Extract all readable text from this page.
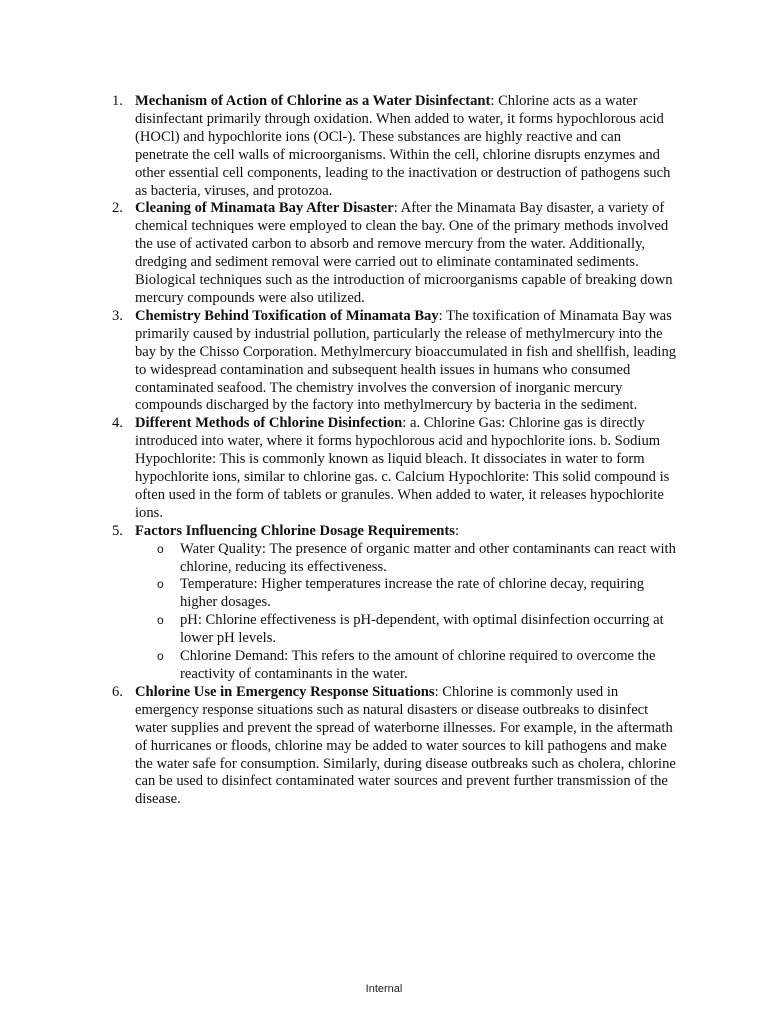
1. Mechanism of Action of Chlorine as a Water Disinfectant: Chlorine acts as a water disinfectant primarily through oxidation. When added to water, it forms hypochlorous acid (HOCl) and hypochlorite ions (OCl-). These substances are highly reactive and can penetrate the cell walls of microorganisms. Within the cell, chlorine disrupts enzymes and other essential cell components, leading to the inactivation or destruction of pathogens such as bacteria, viruses, and protozoa.
2. Cleaning of Minamata Bay After Disaster: After the Minamata Bay disaster, a variety of chemical techniques were employed to clean the bay. One of the primary methods involved the use of activated carbon to absorb and remove mercury from the water. Additionally, dredging and sediment removal were carried out to eliminate contaminated sediments. Biological techniques such as the introduction of microorganisms capable of breaking down mercury compounds were also utilized.
3. Chemistry Behind Toxification of Minamata Bay: The toxification of Minamata Bay was primarily caused by industrial pollution, particularly the release of methylmercury into the bay by the Chisso Corporation. Methylmercury bioaccumulated in fish and shellfish, leading to widespread contamination and subsequent health issues in humans who consumed contaminated seafood. The chemistry involves the conversion of inorganic mercury compounds discharged by the factory into methylmercury by bacteria in the sediment.
4. Different Methods of Chlorine Disinfection: a. Chlorine Gas: Chlorine gas is directly introduced into water, where it forms hypochlorous acid and hypochlorite ions. b. Sodium Hypochlorite: This is commonly known as liquid bleach. It dissociates in water to form hypochlorite ions, similar to chlorine gas. c. Calcium Hypochlorite: This solid compound is often used in the form of tablets or granules. When added to water, it releases hypochlorite ions.
5. Factors Influencing Chlorine Dosage Requirements:
o Water Quality: The presence of organic matter and other contaminants can react with chlorine, reducing its effectiveness.
o Temperature: Higher temperatures increase the rate of chlorine decay, requiring higher dosages.
o pH: Chlorine effectiveness is pH-dependent, with optimal disinfection occurring at lower pH levels.
o Chlorine Demand: This refers to the amount of chlorine required to overcome the reactivity of contaminants in the water.
6. Chlorine Use in Emergency Response Situations: Chlorine is commonly used in emergency response situations such as natural disasters or disease outbreaks to disinfect water supplies and prevent the spread of waterborne illnesses. For example, in the aftermath of hurricanes or floods, chlorine may be added to water sources to kill pathogens and make the water safe for consumption. Similarly, during disease outbreaks such as cholera, chlorine can be used to disinfect contaminated water sources and prevent further transmission of the disease.
Internal
